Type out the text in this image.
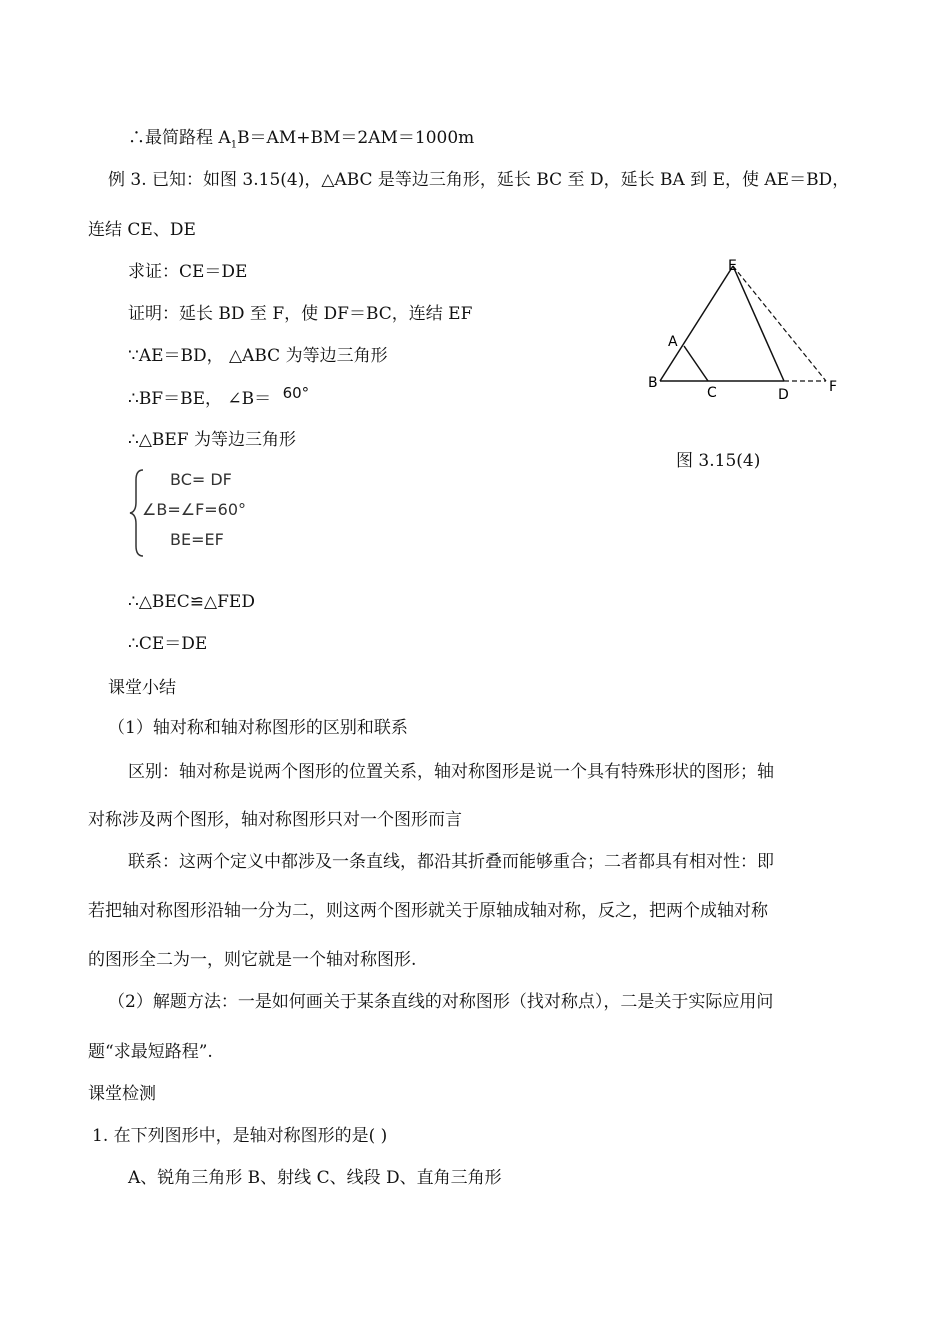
∴最简路程 $A_1B=AM+BM=2AM=1000m$
例 3. 已知：如图 3.15(4)，△ABC 是等边三角形，延长 BC 至 D，延长 BA 到 E，使 AE＝BD，
连结 CE、DE
求证：CE＝DE
证明：延长 BD 至 F，使 DF＝BC，连结 EF
∵AE＝BD， △ABC 为等边三角形
∴BF＝BE， ∠B＝ 60°
∴△BEF 为等边三角形
BC= DF
∠B=∠F=60°
BE=EF
∴△BEC≌△FED
∴CE＝DE
课堂小结
（1）轴对称和轴对称图形的区别和联系
区别：轴对称是说两个图形的位置关系，轴对称图形是说一个具有特殊形状的图形；轴
对称涉及两个图形，轴对称图形只对一个图形而言
联系：这两个定义中都涉及一条直线，都沿其折叠而能够重合；二者都具有相对性：即
若把轴对称图形沿轴一分为二，则这两个图形就关于原轴成轴对称，反之，把两个成轴对称
的图形全二为一，则它就是一个轴对称图形.
（2）解题方法：一是如何画关于某条直线的对称图形（找对称点），二是关于实际应用问
题“求最短路程”.
课堂检测
1. 在下列图形中，是轴对称图形的是( )
A、锐角三角形 B、射线 C、线段 D、直角三角形
E
A
B
C	D	F
图 3.15(4)
